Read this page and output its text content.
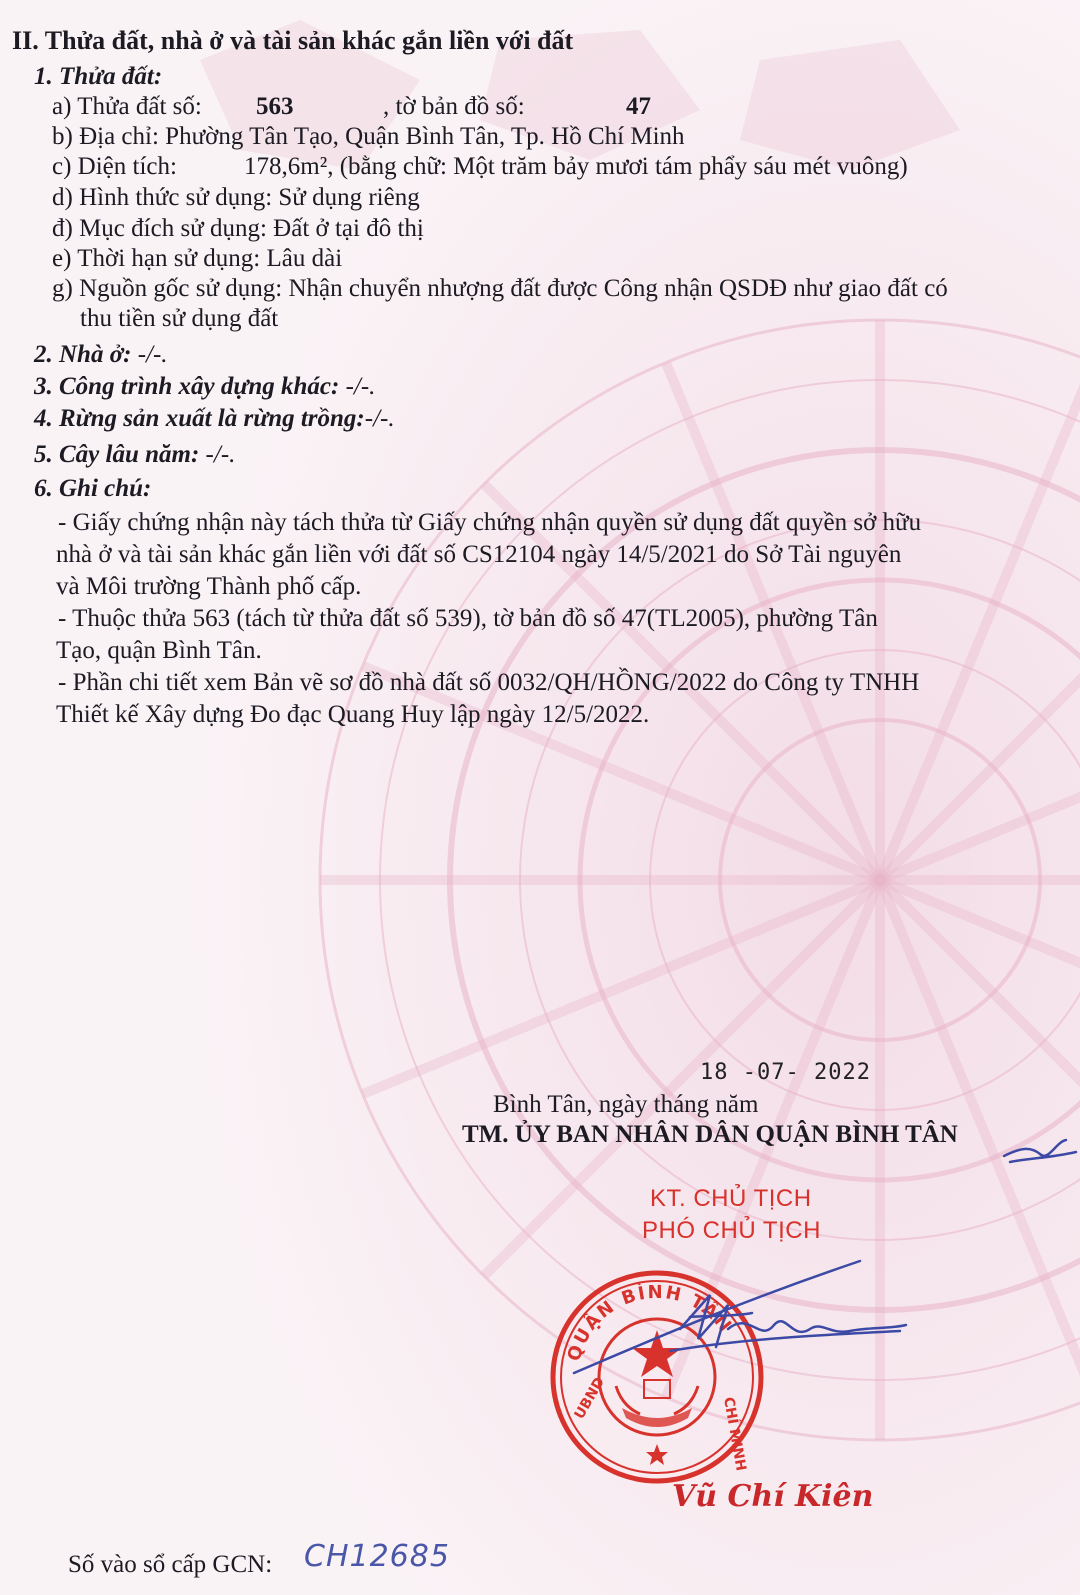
II. Thửa đất, nhà ở và tài sản khác gắn liền với đất
1. Thửa đất:
a) Thửa đất số: 563	, tờ bản đồ số:	47
b) Địa chỉ: Phường Tân Tạo, Quận Bình Tân, Tp. Hồ Chí Minh
c) Diện tích:	178,6m², (bằng chữ: Một trăm bảy mươi tám phẩy sáu mét vuông)
d) Hình thức sử dụng: Sử dụng riêng
đ) Mục đích sử dụng: Đất ở tại đô thị
e) Thời hạn sử dụng: Lâu dài
g) Nguồn gốc sử dụng: Nhận chuyển nhượng đất được Công nhận QSDĐ như giao đất có
thu tiền sử dụng đất
2. Nhà ở: -/-.
3. Công trình xây dựng khác: -/-.
4. Rừng sản xuất là rừng trồng:-/-.
5. Cây lâu năm: -/-.
6. Ghi chú:
- Giấy chứng nhận này tách thửa từ Giấy chứng nhận quyền sử dụng đất quyền sở hữu
nhà ở và tài sản khác gắn liền với đất số CS12104 ngày 14/5/2021 do Sở Tài nguyên
và Môi trường Thành phố cấp.
- Thuộc thửa 563 (tách từ thửa đất số 539), tờ bản đồ số 47(TL2005), phường Tân
Tạo, quận Bình Tân.
- Phần chi tiết xem Bản vẽ sơ đồ nhà đất số 0032/QH/HỒNG/2022 do Công ty TNHH
Thiết kế Xây dựng Đo đạc Quang Huy lập ngày 12/5/2022.
18 -07- 2022
Bình Tân, ngày tháng năm
TM. ỦY BAN NHÂN DÂN QUẬN BÌNH TÂN
KT. CHỦ TỊCH
PHÓ CHỦ TỊCH
Vũ Chí Kiên
Số vào sổ cấp GCN: CH12685
QUẬN BÌNH TÂN
CHÍ MINH
UBND
